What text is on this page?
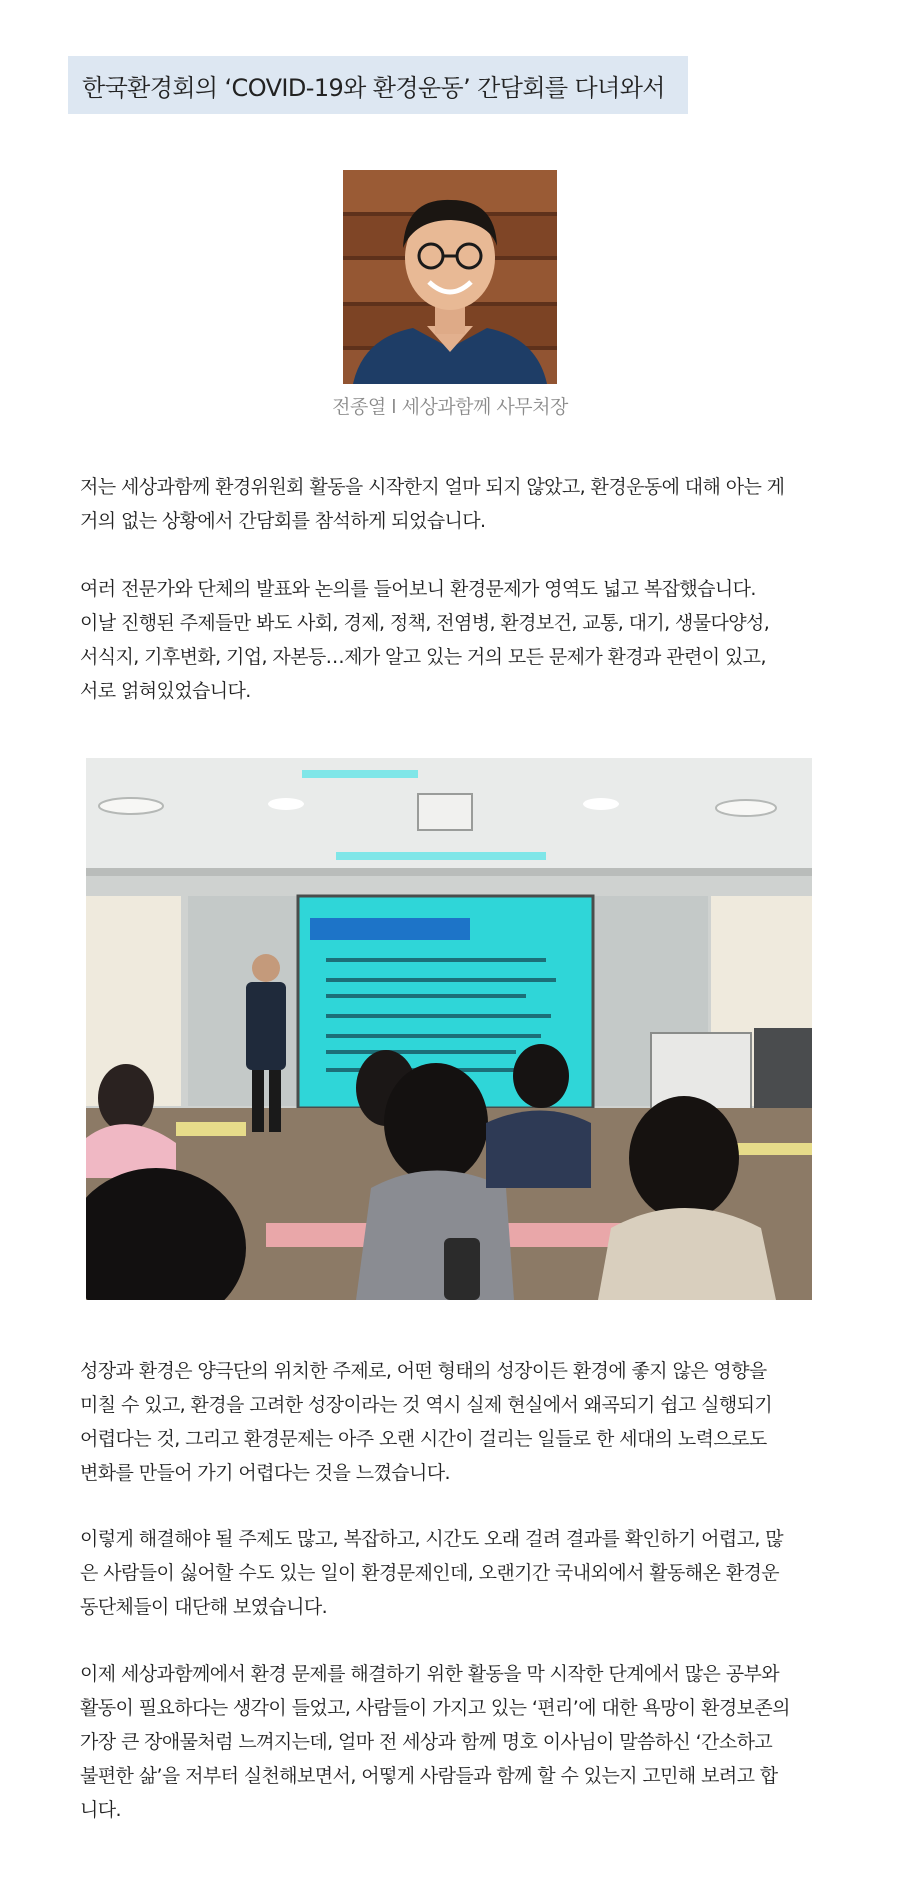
한국환경회의 ‘COVID-19와 환경운동’ 간담회를 다녀와서
전종열 l 세상과함께 사무처장

저는 세상과함께 환경위원회 활동을 시작한지 얼마 되지 않았고, 환경운동에 대해 아는 게
거의 없는 상황에서 간담회를 참석하게 되었습니다.

여러 전문가와 단체의 발표와 논의를 들어보니 환경문제가 영역도 넓고 복잡했습니다.
이날 진행된 주제들만 봐도 사회, 경제, 정책, 전염병, 환경보건, 교통, 대기, 생물다양성,
서식지, 기후변화, 기업, 자본등…제가 알고 있는 거의 모든 문제가 환경과 관련이 있고,
서로 얽혀있었습니다.

성장과 환경은 양극단의 위치한 주제로, 어떤 형태의 성장이든 환경에 좋지 않은 영향을
미칠 수 있고, 환경을 고려한 성장이라는 것 역시 실제 현실에서 왜곡되기 쉽고 실행되기
어렵다는 것, 그리고 환경문제는 아주 오랜 시간이 걸리는 일들로 한 세대의 노력으로도
변화를 만들어 가기 어렵다는 것을 느꼈습니다.

이렇게 해결해야 될 주제도 많고, 복잡하고, 시간도 오래 걸려 결과를 확인하기 어렵고, 많
은 사람들이 싫어할 수도 있는 일이 환경문제인데, 오랜기간 국내외에서 활동해온 환경운
동단체들이 대단해 보였습니다.

이제 세상과함께에서 환경 문제를 해결하기 위한 활동을 막 시작한 단계에서 많은 공부와
활동이 필요하다는 생각이 들었고, 사람들이 가지고 있는 ‘편리’에 대한 욕망이 환경보존의
가장 큰 장애물처럼 느껴지는데, 얼마 전 세상과 함께 명호 이사님이 말씀하신 ‘간소하고
불편한 삶’을 저부터 실천해보면서, 어떻게 사람들과 함께 할 수 있는지 고민해 보려고 합
니다.
